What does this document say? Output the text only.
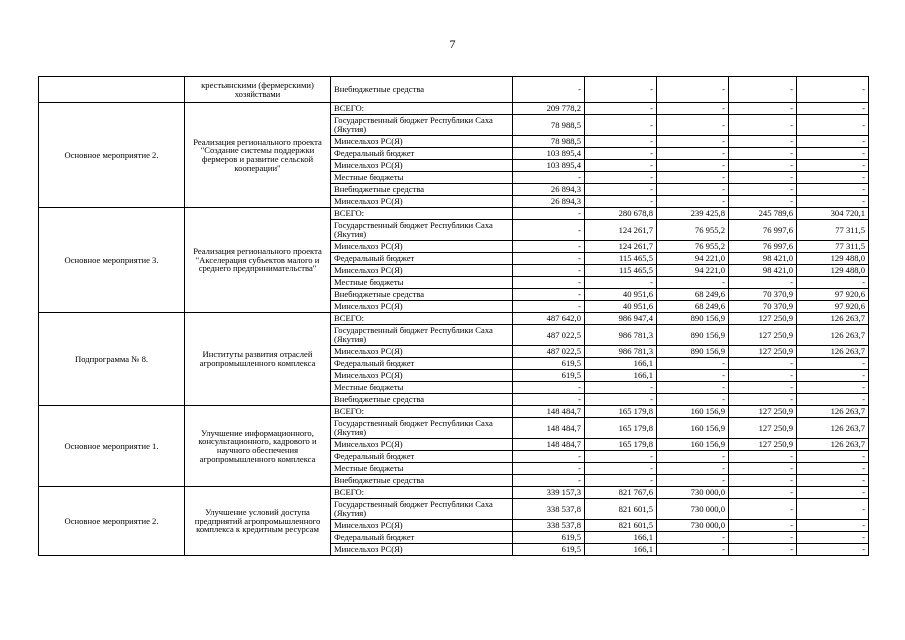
7

	крестьянскими (фермерскими) хозяйствами	Внебюджетные средства	-	-	-	-	-

Основное мероприятие 2.	Реализация регионального проекта "Создание системы поддержки фермеров и развитие сельской кооперации"	ВСЕГО:	209 778,2	-	-	-	-
		Государственный бюджет Республики Саха (Якутия)	78 988,5	-	-	-	-
		Минсельхоз РС(Я)	78 988,5	-	-	-	-
		Федеральный бюджет	103 895,4	-	-	-	-
		Минсельхоз РС(Я)	103 895,4	-	-	-	-
		Местные бюджеты	-	-	-	-	-
		Внебюджетные средства	26 894,3	-	-	-	-
		Минсельхоз РС(Я)	26 894,3	-	-	-	-

Основное мероприятие 3.	Реализация регионального проекта "Акселерация субъектов малого и среднего предпринимательства"	ВСЕГО:	-	280 678,8	239 425,8	245 789,6	304 720,1
		Государственный бюджет Республики Саха (Якутия)	-	124 261,7	76 955,2	76 997,6	77 311,5
		Минсельхоз РС(Я)	-	124 261,7	76 955,2	76 997,6	77 311,5
		Федеральный бюджет	-	115 465,5	94 221,0	98 421,0	129 488,0
		Минсельхоз РС(Я)	-	115 465,5	94 221,0	98 421,0	129 488,0
		Местные бюджеты	-	-	-	-	-
		Внебюджетные средства	-	40 951,6	68 249,6	70 370,9	97 920,6
		Минсельхоз РС(Я)	-	40 951,6	68 249,6	70 370,9	97 920,6

Подпрограмма № 8.	Институты развития отраслей агропромышленного комплекса	ВСЕГО:	487 642,0	986 947,4	890 156,9	127 250,9	126 263,7
		Государственный бюджет Республики Саха (Якутия)	487 022,5	986 781,3	890 156,9	127 250,9	126 263,7
		Минсельхоз РС(Я)	487 022,5	986 781,3	890 156,9	127 250,9	126 263,7
		Федеральный бюджет	619,5	166,1	-	-	-
		Минсельхоз РС(Я)	619,5	166,1	-	-	-
		Местные бюджеты	-	-	-	-	-
		Внебюджетные средства	-	-	-	-	-

Основное мероприятие 1.	Улучшение информационного, консультационного, кадрового и научного обеспечения агропромышленного комплекса	ВСЕГО:	148 484,7	165 179,8	160 156,9	127 250,9	126 263,7
		Государственный бюджет Республики Саха (Якутия)	148 484,7	165 179,8	160 156,9	127 250,9	126 263,7
		Минсельхоз РС(Я)	148 484,7	165 179,8	160 156,9	127 250,9	126 263,7
		Федеральный бюджет	-	-	-	-	-
		Местные бюджеты	-	-	-	-	-
		Внебюджетные средства	-	-	-	-	-

Основное мероприятие 2.	Улучшение условий доступа предприятий агропромышленного комплекса к кредитным ресурсам	ВСЕГО:	339 157,3	821 767,6	730 000,0	-	-
		Государственный бюджет Республики Саха (Якутия)	338 537,8	821 601,5	730 000,0	-	-
		Минсельхоз РС(Я)	338 537,8	821 601,5	730 000,0	-	-
		Федеральный бюджет	619,5	166,1	-	-	-
		Минсельхоз РС(Я)	619,5	166,1	-	-	-
